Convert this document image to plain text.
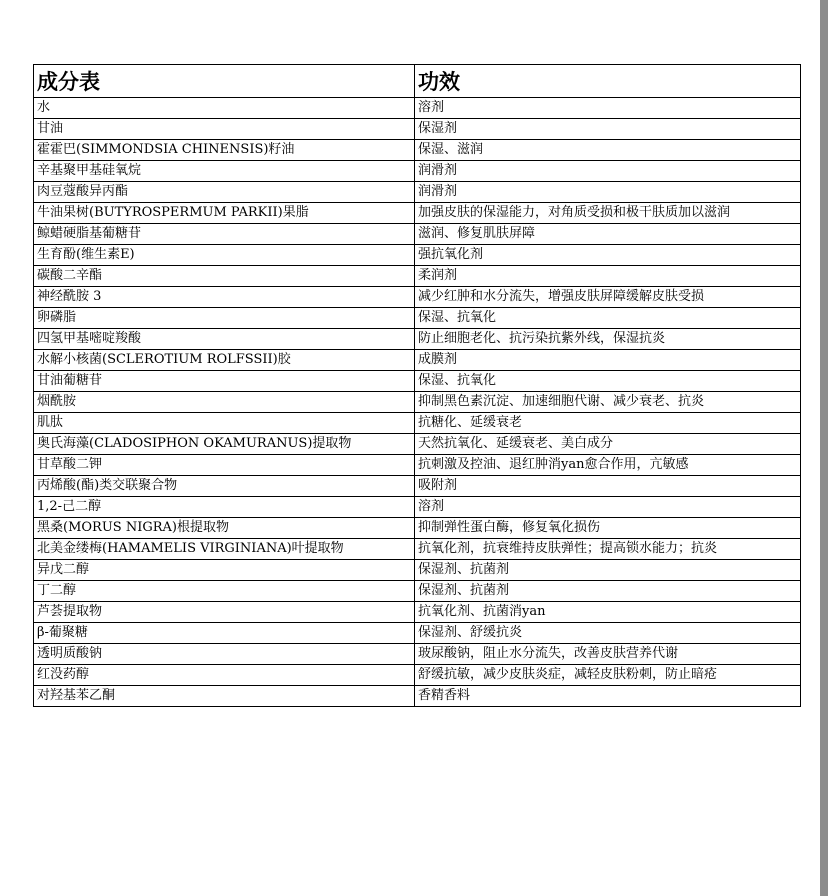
成分表	功效
水	溶剂
甘油	保湿剂
霍霍巴(SIMMONDSIA CHINENSIS)籽油	保湿、滋润
辛基聚甲基硅氧烷	润滑剂
肉豆蔻酸异丙酯	润滑剂
牛油果树(BUTYROSPERMUM PARKII)果脂	加强皮肤的保湿能力，对角质受损和极干肤质加以滋润
鲸蜡硬脂基葡糖苷	滋润、修复肌肤屏障
生育酚(维生素E)	强抗氧化剂
碳酸二辛酯	柔润剂
神经酰胺 3	减少红肿和水分流失，增强皮肤屏障缓解皮肤受损
卵磷脂	保湿、抗氧化
四氢甲基嘧啶羧酸	防止细胞老化、抗污染抗紫外线，保湿抗炎
水解小核菌(SCLEROTIUM ROLFSSII)胶	成膜剂
甘油葡糖苷	保湿、抗氧化
烟酰胺	抑制黑色素沉淀、加速细胞代谢、减少衰老、抗炎
肌肽	抗糖化、延缓衰老
奥氏海藻(CLADOSIPHON OKAMURANUS)提取物	天然抗氧化、延缓衰老、美白成分
甘草酸二钾	抗刺激及控油、退红肿消yan愈合作用，亢敏感
丙烯酸(酯)类交联聚合物	吸附剂
1,2-己二醇	溶剂
黑桑(MORUS NIGRA)根提取物	抑制弹性蛋白酶，修复氧化损伤
北美金缕梅(HAMAMELIS VIRGINIANA)叶提取物	抗氧化剂，抗衰维持皮肤弹性；提高锁水能力；抗炎
异戊二醇	保湿剂、抗菌剂
丁二醇	保湿剂、抗菌剂
芦荟提取物	抗氧化剂、抗菌消yan
β-葡聚糖	保湿剂、舒缓抗炎
透明质酸钠	玻尿酸钠，阻止水分流失，改善皮肤营养代谢
红没药醇	舒缓抗敏，减少皮肤炎症，减轻皮肤粉刺，防止暗疮
对羟基苯乙酮	香精香料
